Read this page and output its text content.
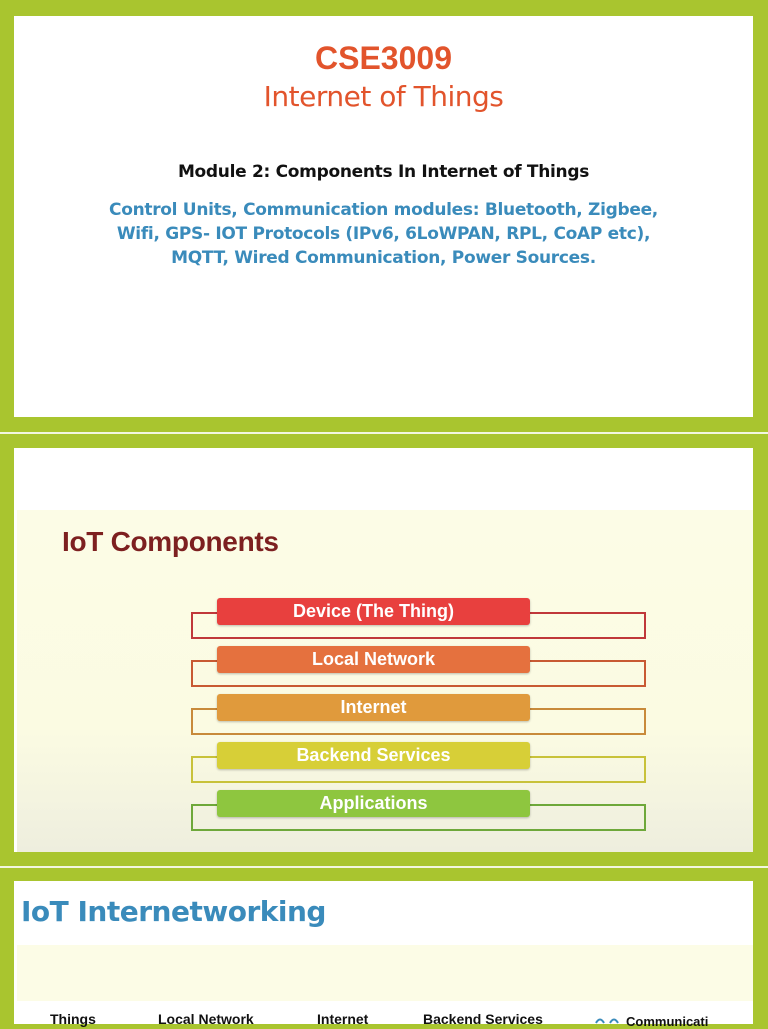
CSE3009
Internet of Things
Module 2: Components In Internet of Things
Control Units, Communication modules: Bluetooth, Zigbee,
Wifi, GPS- IOT Protocols (IPv6, 6LoWPAN, RPL, CoAP etc),
MQTT, Wired Communication, Power Sources.
IoT Components
Device (The Thing)
Local Network
Internet
Backend Services
Applications
IoT Internetworking
Things	Local Network	Internet	Backend Services	Communicati
